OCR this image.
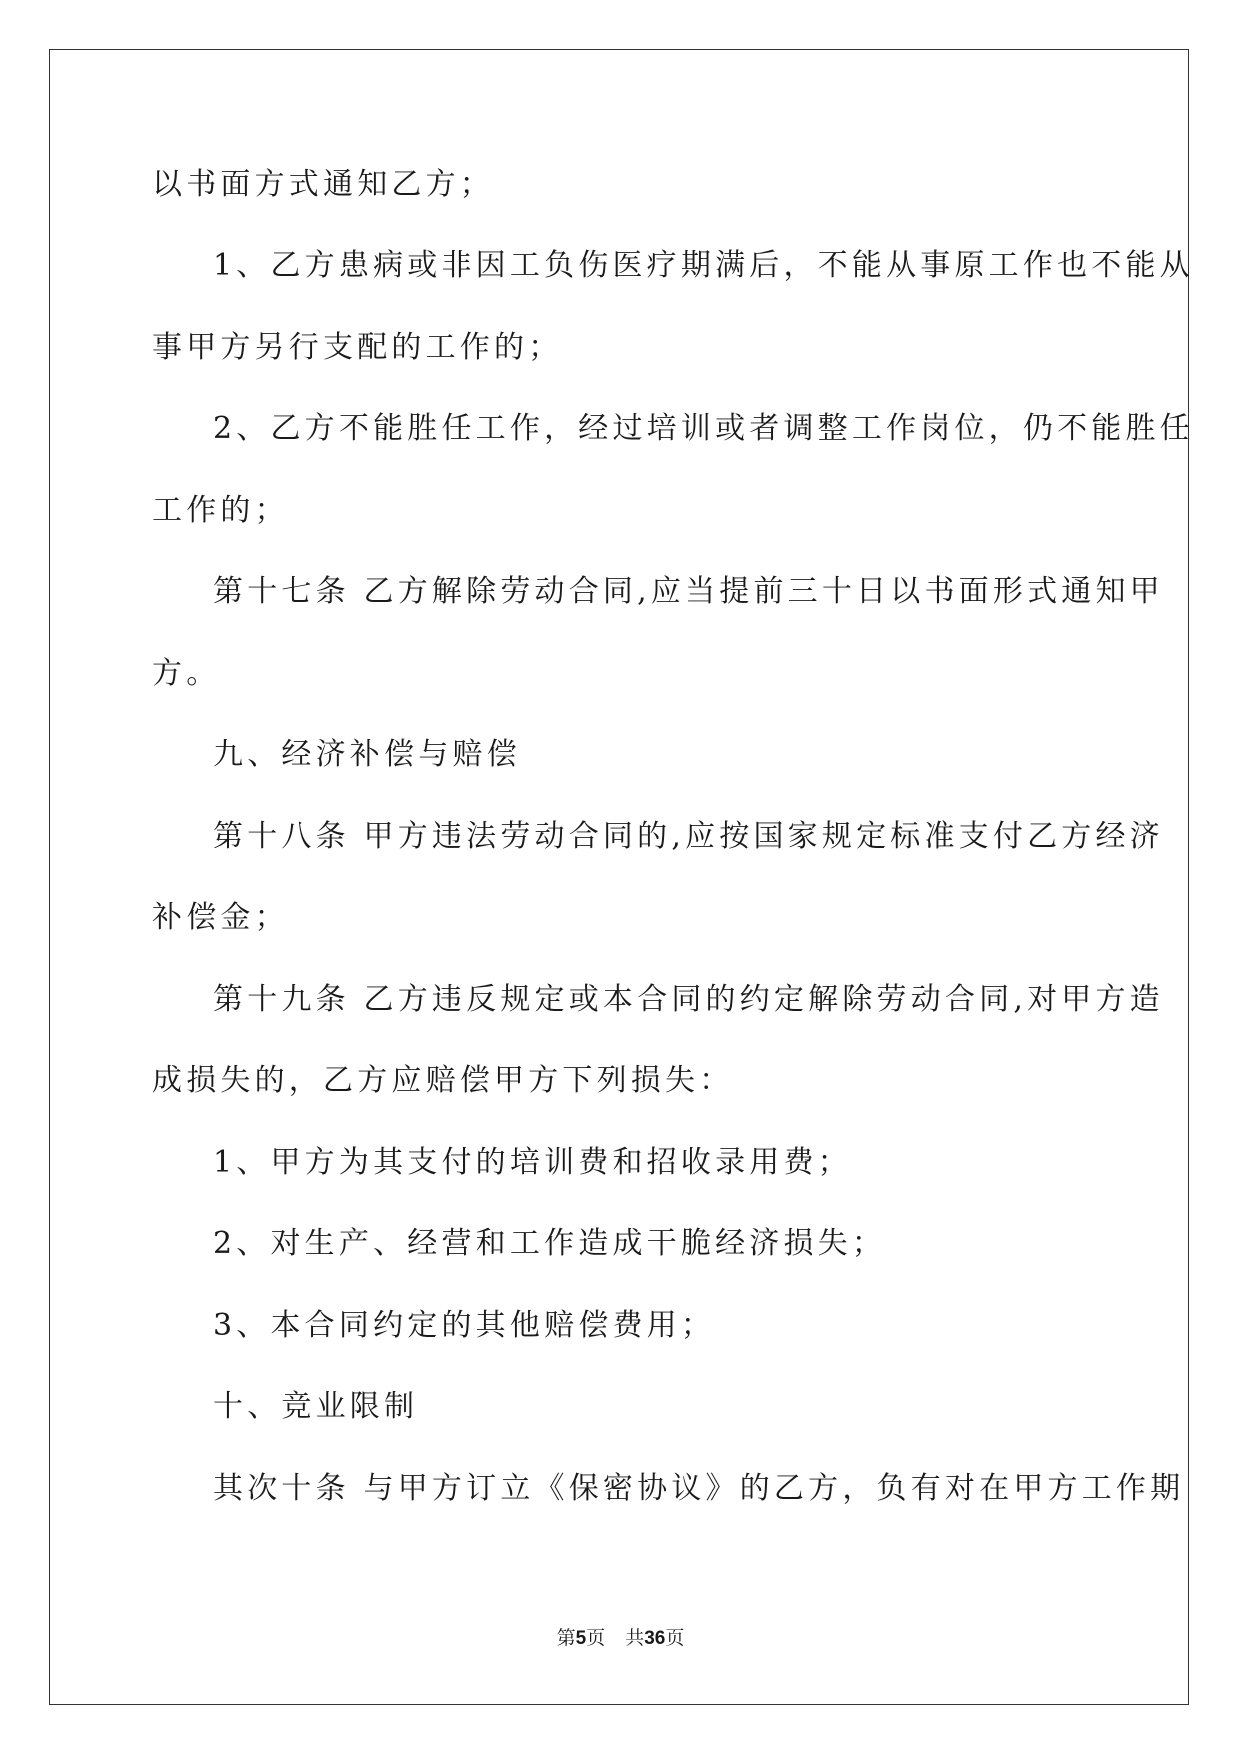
以书面方式通知乙方；
1、乙方患病或非因工负伤医疗期满后，不能从事原工作也不能从
事甲方另行支配的工作的；
2、乙方不能胜任工作，经过培训或者调整工作岗位，仍不能胜任
工作的；
第十七条 乙方解除劳动合同,应当提前三十日以书面形式通知甲
方。
九、经济补偿与赔偿
第十八条 甲方违法劳动合同的,应按国家规定标准支付乙方经济
补偿金；
第十九条 乙方违反规定或本合同的约定解除劳动合同,对甲方造
成损失的，乙方应赔偿甲方下列损失：
1、甲方为其支付的培训费和招收录用费；
2、对生产、经营和工作造成干脆经济损失；
3、本合同约定的其他赔偿费用；
十、竞业限制
其次十条 与甲方订立《保密协议》的乙方，负有对在甲方工作期
第5页 共36页
